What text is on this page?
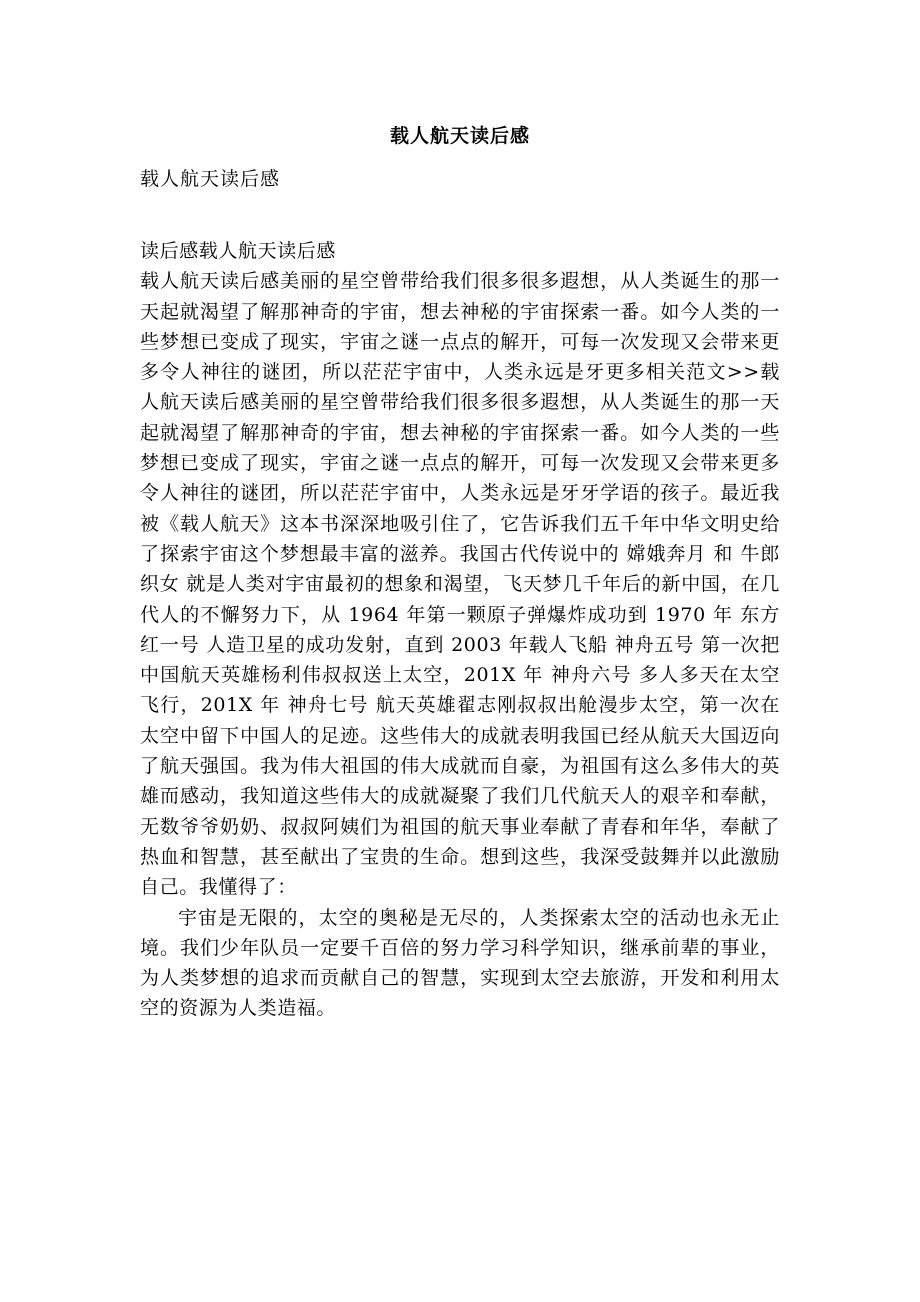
载人航天读后感
载人航天读后感

读后感载人航天读后感

载人航天读后感美丽的星空曾带给我们很多很多遐想，从人类诞生的那一天起就渴望了解那神奇的宇宙，想去神秘的宇宙探索一番。如今人类的一些梦想已变成了现实，宇宙之谜一点点的解开，可每一次发现又会带来更多令人神往的谜团，所以茫茫宇宙中，人类永远是牙更多相关范文>>载人航天读后感美丽的星空曾带给我们很多很多遐想，从人类诞生的那一天起就渴望了解那神奇的宇宙，想去神秘的宇宙探索一番。如今人类的一些梦想已变成了现实，宇宙之谜一点点的解开，可每一次发现又会带来更多令人神往的谜团，所以茫茫宇宙中，人类永远是牙牙学语的孩子。最近我被《载人航天》这本书深深地吸引住了，它告诉我们五千年中华文明史给了探索宇宙这个梦想最丰富的滋养。我国古代传说中的 嫦娥奔月 和 牛郎织女 就是人类对宇宙最初的想象和渴望，飞天梦几千年后的新中国，在几代人的不懈努力下，从 1964 年第一颗原子弹爆炸成功到 1970 年 东方红一号 人造卫星的成功发射，直到 2003 年载人飞船 神舟五号 第一次把中国航天英雄杨利伟叔叔送上太空，201X 年 神舟六号 多人多天在太空飞行，201X 年 神舟七号 航天英雄翟志刚叔叔出舱漫步太空，第一次在太空中留下中国人的足迹。这些伟大的成就表明我国已经从航天大国迈向了航天强国。我为伟大祖国的伟大成就而自豪，为祖国有这么多伟大的英雄而感动，我知道这些伟大的成就凝聚了我们几代航天人的艰辛和奉献，无数爷爷奶奶、叔叔阿姨们为祖国的航天事业奉献了青春和年华，奉献了热血和智慧，甚至献出了宝贵的生命。想到这些，我深受鼓舞并以此激励自己。我懂得了：

宇宙是无限的，太空的奥秘是无尽的，人类探索太空的活动也永无止境。我们少年队员一定要千百倍的努力学习科学知识，继承前辈的事业，为人类梦想的追求而贡献自己的智慧，实现到太空去旅游，开发和利用太空的资源为人类造福。
